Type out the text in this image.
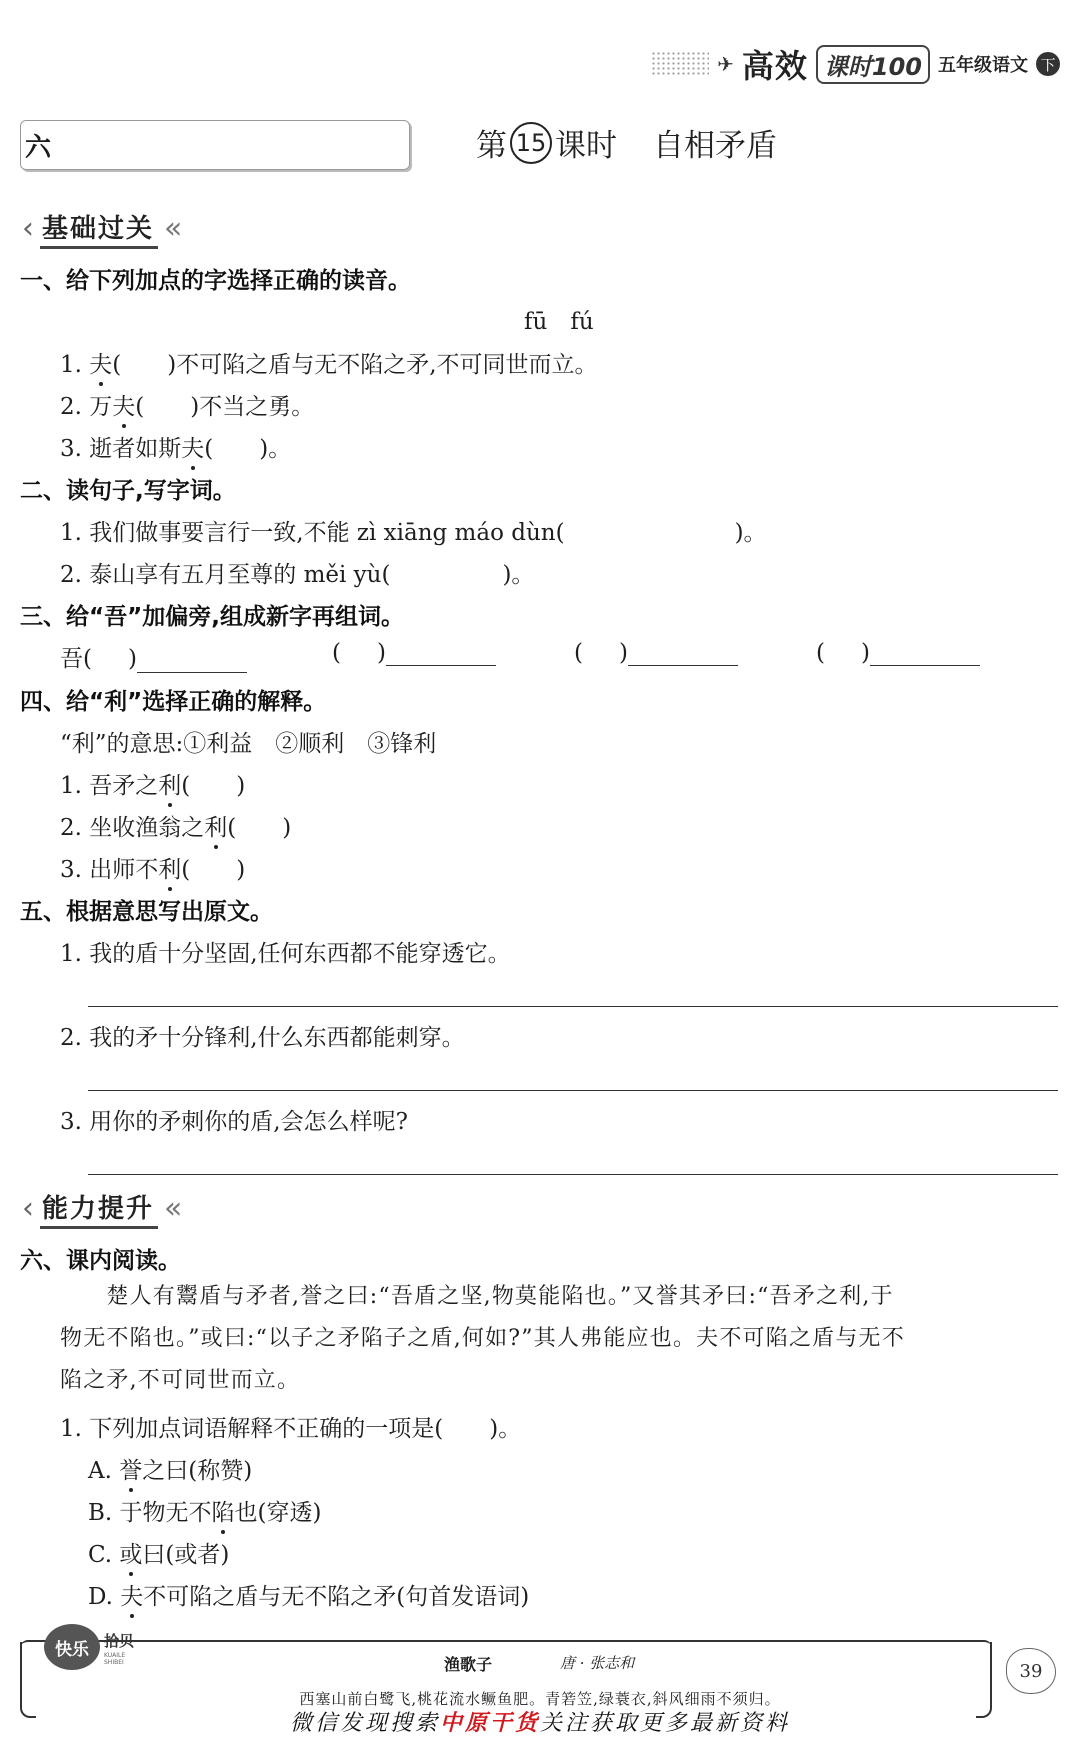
✈ 高效 课时100 五年级语文 下
六	第 15 课时 自相矛盾
‹ 基础过关 «
一、给下列加点的字选择正确的读音。
fū　fú
1. 夫(　　)不可陷之盾与无不陷之矛,不可同世而立。
2. 万夫(　　)不当之勇。
3. 逝者如斯夫(　　)。
二、读句子,写字词。
1. 我们做事要言行一致,不能 zì xiāng máo dùn(	)。
2. 泰山享有五月至尊的 měi yù(	)。
三、给“吾”加偏旁,组成新字再组词。
吾( )	( )	( )	( )
四、给“利”选择正确的解释。
“利”的意思:①利益　②顺利　③锋利
1. 吾矛之利(　　)
2. 坐收渔翁之利(　　)
3. 出师不利(　　)
五、根据意思写出原文。
1. 我的盾十分坚固,任何东西都不能穿透它。
2. 我的矛十分锋利,什么东西都能刺穿。
3. 用你的矛刺你的盾,会怎么样呢?
‹ 能力提升 «
六、课内阅读。
　　楚人有鬻盾与矛者,誉之曰:“吾盾之坚,物莫能陷也。”又誉其矛曰:“吾矛之利,于
物无不陷也。”或曰:“以子之矛陷子之盾,何如?”其人弗能应也。夫不可陷之盾与无不
陷之矛,不可同世而立。
1. 下列加点词语解释不正确的一项是(　　)。
A. 誉之曰(称赞)
B. 于物无不陷也(穿透)
C. 或曰(或者)
D. 夫不可陷之盾与无不陷之矛(句首发语词)
快乐	拾贝
KUAILE SHIBEI	渔歌子	唐 · 张志和
西塞山前白鹭飞,桃花流水鳜鱼肥。青箬笠,绿蓑衣,斜风细雨不须归。
39
微信发现搜索中原干货关注获取更多最新资料
